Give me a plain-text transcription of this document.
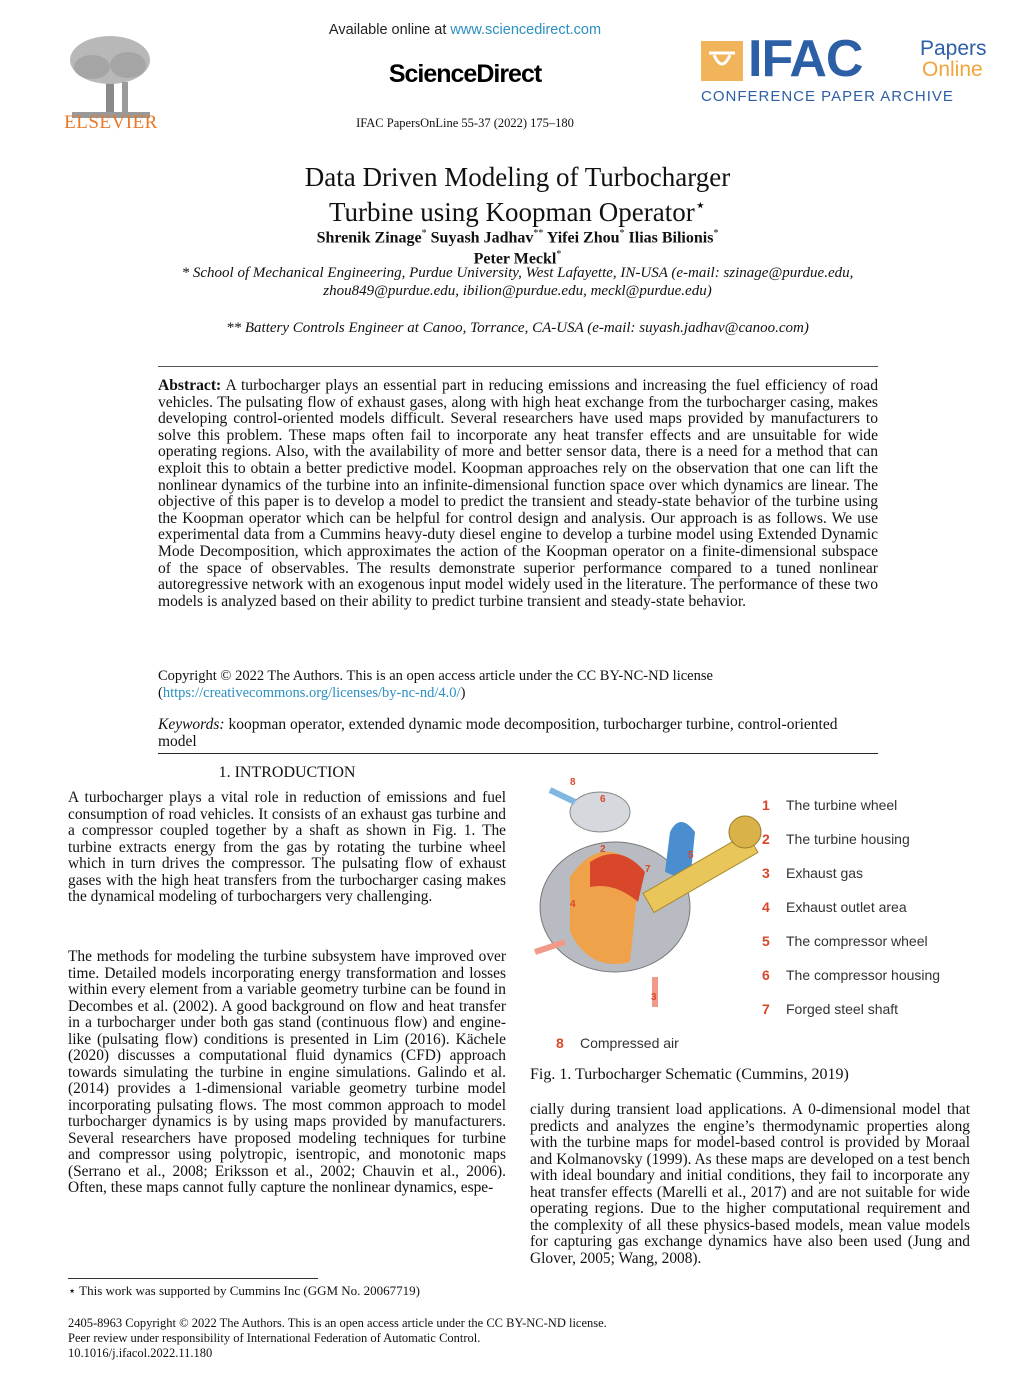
ELSEVIER
Available online at www.sciencedirect.com
ScienceDirect
IFAC PapersOnLine 55-37 (2022) 175–180
IFAC	Papers
Online
CONFERENCE PAPER ARCHIVE
Data Driven Modeling of Turbocharger
Turbine using Koopman Operator⋆
Shrenik Zinage* Suyash Jadhav** Yifei Zhou* Ilias Bilionis*
Peter Meckl*
* School of Mechanical Engineering, Purdue University, West Lafayette, IN-USA (e-mail: szinage@purdue.edu, zhou849@purdue.edu, ibilion@purdue.edu, meckl@purdue.edu)
** Battery Controls Engineer at Canoo, Torrance, CA-USA (e-mail: suyash.jadhav@canoo.com)
Abstract: A turbocharger plays an essential part in reducing emissions and increasing the fuel efficiency of road vehicles. The pulsating flow of exhaust gases, along with high heat exchange from the turbocharger casing, makes developing control-oriented models difficult. Several researchers have used maps provided by manufacturers to solve this problem. These maps often fail to incorporate any heat transfer effects and are unsuitable for wide operating regions. Also, with the availability of more and better sensor data, there is a need for a method that can exploit this to obtain a better predictive model. Koopman approaches rely on the observation that one can lift the nonlinear dynamics of the turbine into an infinite-dimensional function space over which dynamics are linear. The objective of this paper is to develop a model to predict the transient and steady-state behavior of the turbine using the Koopman operator which can be helpful for control design and analysis. Our approach is as follows. We use experimental data from a Cummins heavy-duty diesel engine to develop a turbine model using Extended Dynamic Mode Decomposition, which approximates the action of the Koopman operator on a finite-dimensional subspace of the space of observables. The results demonstrate superior performance compared to a tuned nonlinear autoregressive network with an exogenous input model widely used in the literature. The performance of these two models is analyzed based on their ability to predict turbine transient and steady-state behavior.
Copyright © 2022 The Authors. This is an open access article under the CC BY-NC-ND license
(https://creativecommons.org/licenses/by-nc-nd/4.0/)
Keywords: koopman operator, extended dynamic mode decomposition, turbocharger turbine, control-oriented model
1. INTRODUCTION
A turbocharger plays a vital role in reduction of emissions and fuel consumption of road vehicles. It consists of an exhaust gas turbine and a compressor coupled together by a shaft as shown in Fig. 1. The turbine extracts energy from the gas by rotating the turbine wheel which in turn drives the compressor. The pulsating flow of exhaust gases with the high heat transfers from the turbocharger casing makes the dynamical modeling of turbochargers very challenging.
The methods for modeling the turbine subsystem have improved over time. Detailed models incorporating energy transformation and losses within every element from a variable geometry turbine can be found in Decombes et al. (2002). A good background on flow and heat transfer in a turbocharger under both gas stand (continuous flow) and engine-like (pulsating flow) conditions is presented in Lim (2016). Kächele (2020) discusses a computational fluid dynamics (CFD) approach towards simulating the turbine in engine simulations. Galindo et al. (2014) provides a 1-dimensional variable geometry turbine model incorporating pulsating flows. The most common approach to model turbocharger dynamics is by using maps provided by manufacturers. Several researchers have proposed modeling techniques for turbine and compressor using polytropic, isentropic, and monotonic maps (Serrano et al., 2008; Eriksson et al., 2002; Chauvin et al., 2006). Often, these maps cannot fully capture the nonlinear dynamics, espe-
⋆ This work was supported by Cummins Inc (GGM No. 20067719)
8
6
2
1
7
5
4
3
1 The turbine wheel
2 The turbine housing
3 Exhaust gas
4 Exhaust outlet area
5 The compressor wheel
6 The compressor housing
7 Forged steel shaft
8 Compressed air
Fig. 1. Turbocharger Schematic (Cummins, 2019)
cially during transient load applications. A 0-dimensional model that predicts and analyzes the engine’s thermodynamic properties along with the turbine maps for model-based control is provided by Moraal and Kolmanovsky (1999). As these maps are developed on a test bench with ideal boundary and initial conditions, they fail to incorporate any heat transfer effects (Marelli et al., 2017) and are not suitable for wide operating regions. Due to the higher computational requirement and the complexity of all these physics-based models, mean value models for capturing gas exchange dynamics have also been used (Jung and Glover, 2005; Wang, 2008).
2405-8963 Copyright © 2022 The Authors. This is an open access article under the CC BY-NC-ND license.
Peer review under responsibility of International Federation of Automatic Control.
10.1016/j.ifacol.2022.11.180
